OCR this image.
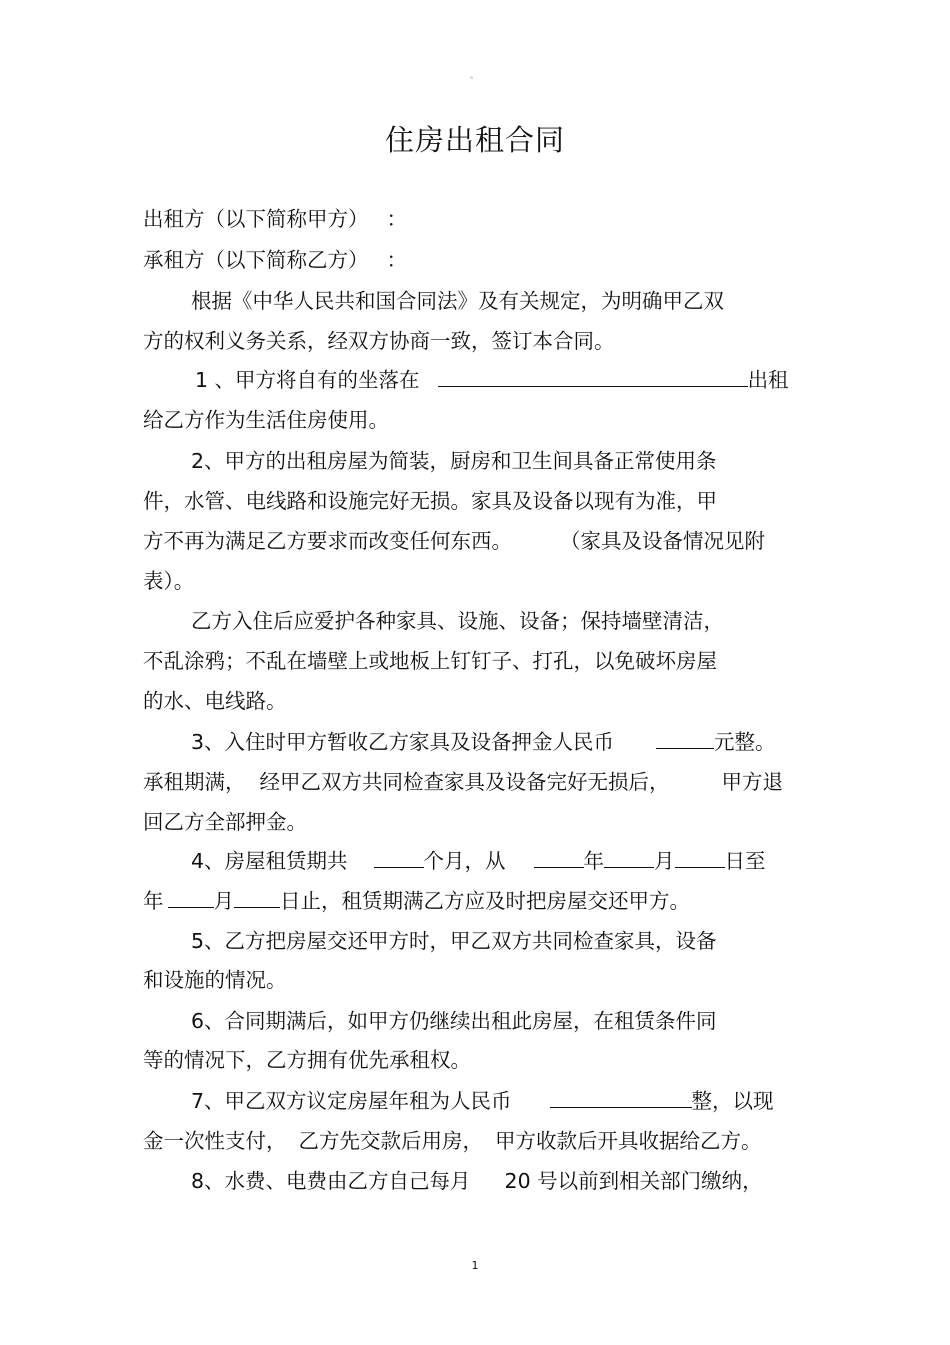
。
住房出租合同
出租方（以下简称甲方） ：
承租方（以下简称乙方） ：
根据《中华人民共和国合同法》及有关规定，为明确甲乙双
方的权利义务关系，经双方协商一致，签订本合同。
1 、甲方将自有的坐落在	出租
给乙方作为生活住房使用。
2、甲方的出租房屋为简装，厨房和卫生间具备正常使用条
件，水管、电线路和设施完好无损。家具及设备以现有为准，甲
方不再为满足乙方要求而改变任何东西。 （家具及设备情况见附
表）。
乙方入住后应爱护各种家具、设施、设备；保持墙壁清洁，
不乱涂鸦；不乱在墙壁上或地板上钉钉子、打孔，以免破坏房屋
的水、电线路。
3、入住时甲方暂收乙方家具及设备押金人民币	元整。
承租期满， 经甲乙双方共同检查家具及设备完好无损后，	甲方退
回乙方全部押金。
4、房屋租赁期共	个月，从	年 月 日至
年 月 日止，租赁期满乙方应及时把房屋交还甲方。
5、乙方把房屋交还甲方时，甲乙双方共同检查家具，设备
和设施的情况。
6、合同期满后，如甲方仍继续出租此房屋，在租赁条件同
等的情况下，乙方拥有优先承租权。
7、甲乙双方议定房屋年租为人民币	整，以现
金一次性支付， 乙方先交款后用房， 甲方收款后开具收据给乙方。
8、水费、电费由乙方自己每月 20 号以前到相关部门缴纳，
1
